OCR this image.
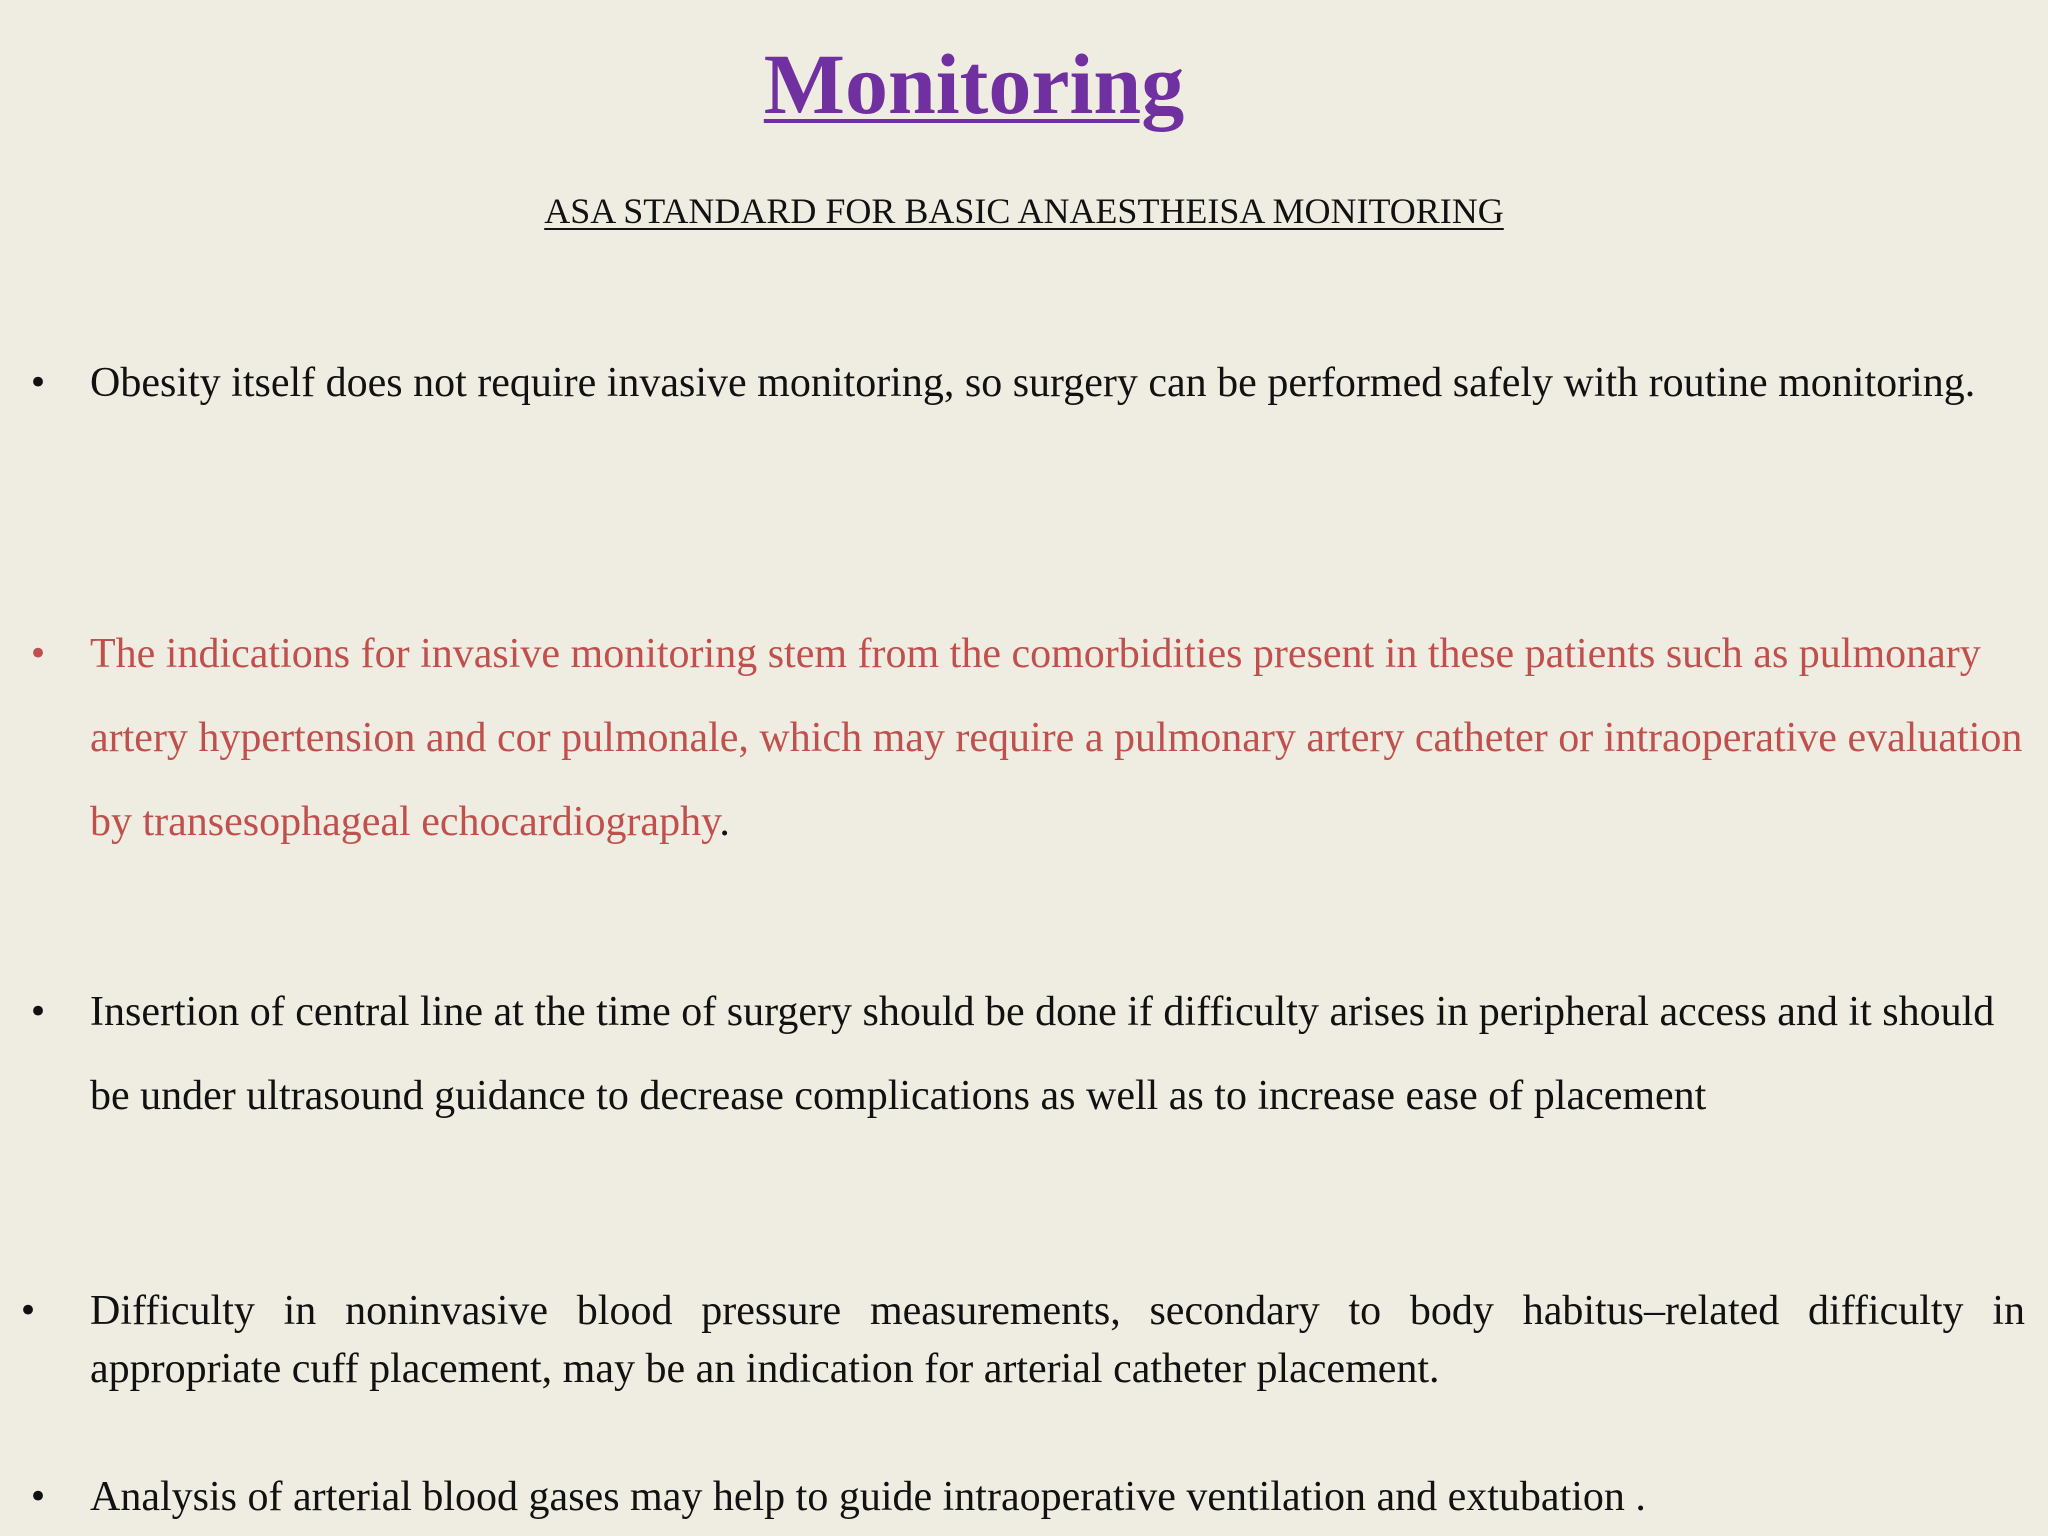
Monitoring
ASA STANDARD FOR BASIC ANAESTHEISA MONITORING
• Obesity itself does not require invasive monitoring, so surgery can be performed safely with routine monitoring.
• The indications for invasive monitoring stem from the comorbidities present in these patients such as pulmonary artery hypertension and cor pulmonale, which may require a pulmonary artery catheter or intraoperative evaluation by transesophageal echocardiography.
• Insertion of central line at the time of surgery should be done if difficulty arises in peripheral access and it should be under ultrasound guidance to decrease complications as well as to increase ease of placement
•	Difficulty in noninvasive blood pressure measurements, secondary to body habitus–related difficulty in appropriate cuff placement, may be an indication for arterial catheter placement.
• Analysis of arterial blood gases may help to guide intraoperative ventilation and extubation .
